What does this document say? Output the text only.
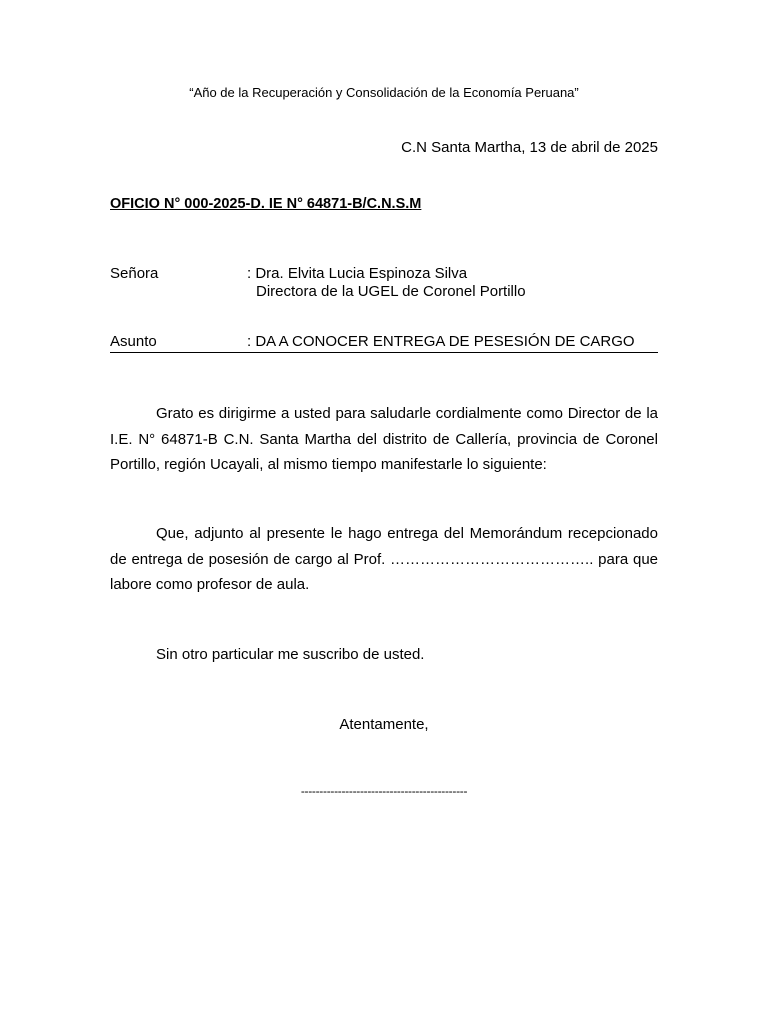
“Año de la Recuperación y Consolidación de la Economía Peruana”
C.N Santa Martha, 13 de abril de 2025
OFICIO N° 000-2025-D. IE N° 64871-B/C.N.S.M
Señora	: Dra. Elvita Lucia Espinoza Silva
Directora de la UGEL de Coronel Portillo
Asunto	: DA A CONOCER ENTREGA DE PESESIÓN DE CARGO

Grato es dirigirme a usted para saludarle cordialmente como Director de la I.E. N° 64871-B C.N. Santa Martha del distrito de Callería, provincia de Coronel Portillo, región Ucayali, al mismo tiempo manifestarle lo siguiente:

Que, adjunto al presente le hago entrega del Memorándum recepcionado de entrega de posesión de cargo al Prof. ………………………………….. para que labore como profesor de aula.

Sin otro particular me suscribo de usted.

Atentamente,
---------------------------------------------
